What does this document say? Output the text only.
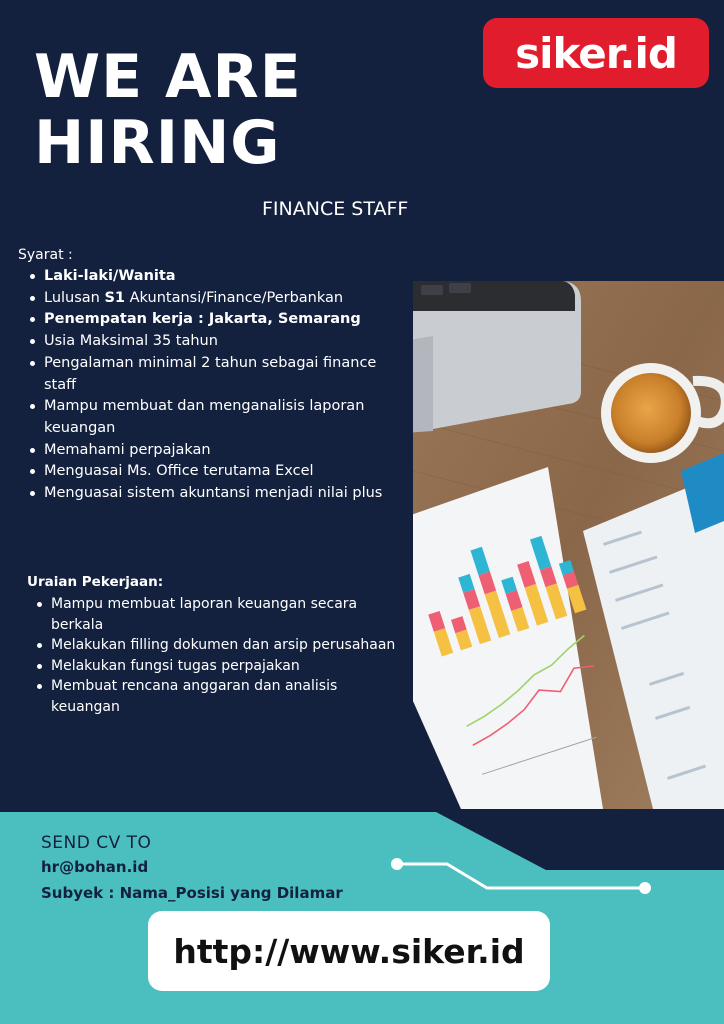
siker.id
WE ARE
HIRING
FINANCE STAFF
Syarat :
Laki-laki/Wanita
Lulusan S1 Akuntansi/Finance/Perbankan
Penempatan kerja : Jakarta, Semarang
Usia Maksimal 35 tahun
Pengalaman minimal 2 tahun sebagai finance staff
Mampu membuat dan menganalisis laporan keuangan
Memahami perpajakan
Menguasai Ms. Office terutama Excel
Menguasai sistem akuntansi menjadi nilai plus
Uraian Pekerjaan:
Mampu membuat laporan keuangan secara berkala
Melakukan filling dokumen dan arsip perusahaan
Melakukan fungsi tugas perpajakan
Membuat rencana anggaran dan analisis keuangan
SEND CV TO
hr@bohan.id
Subyek : Nama_Posisi yang Dilamar
http://www.siker.id
